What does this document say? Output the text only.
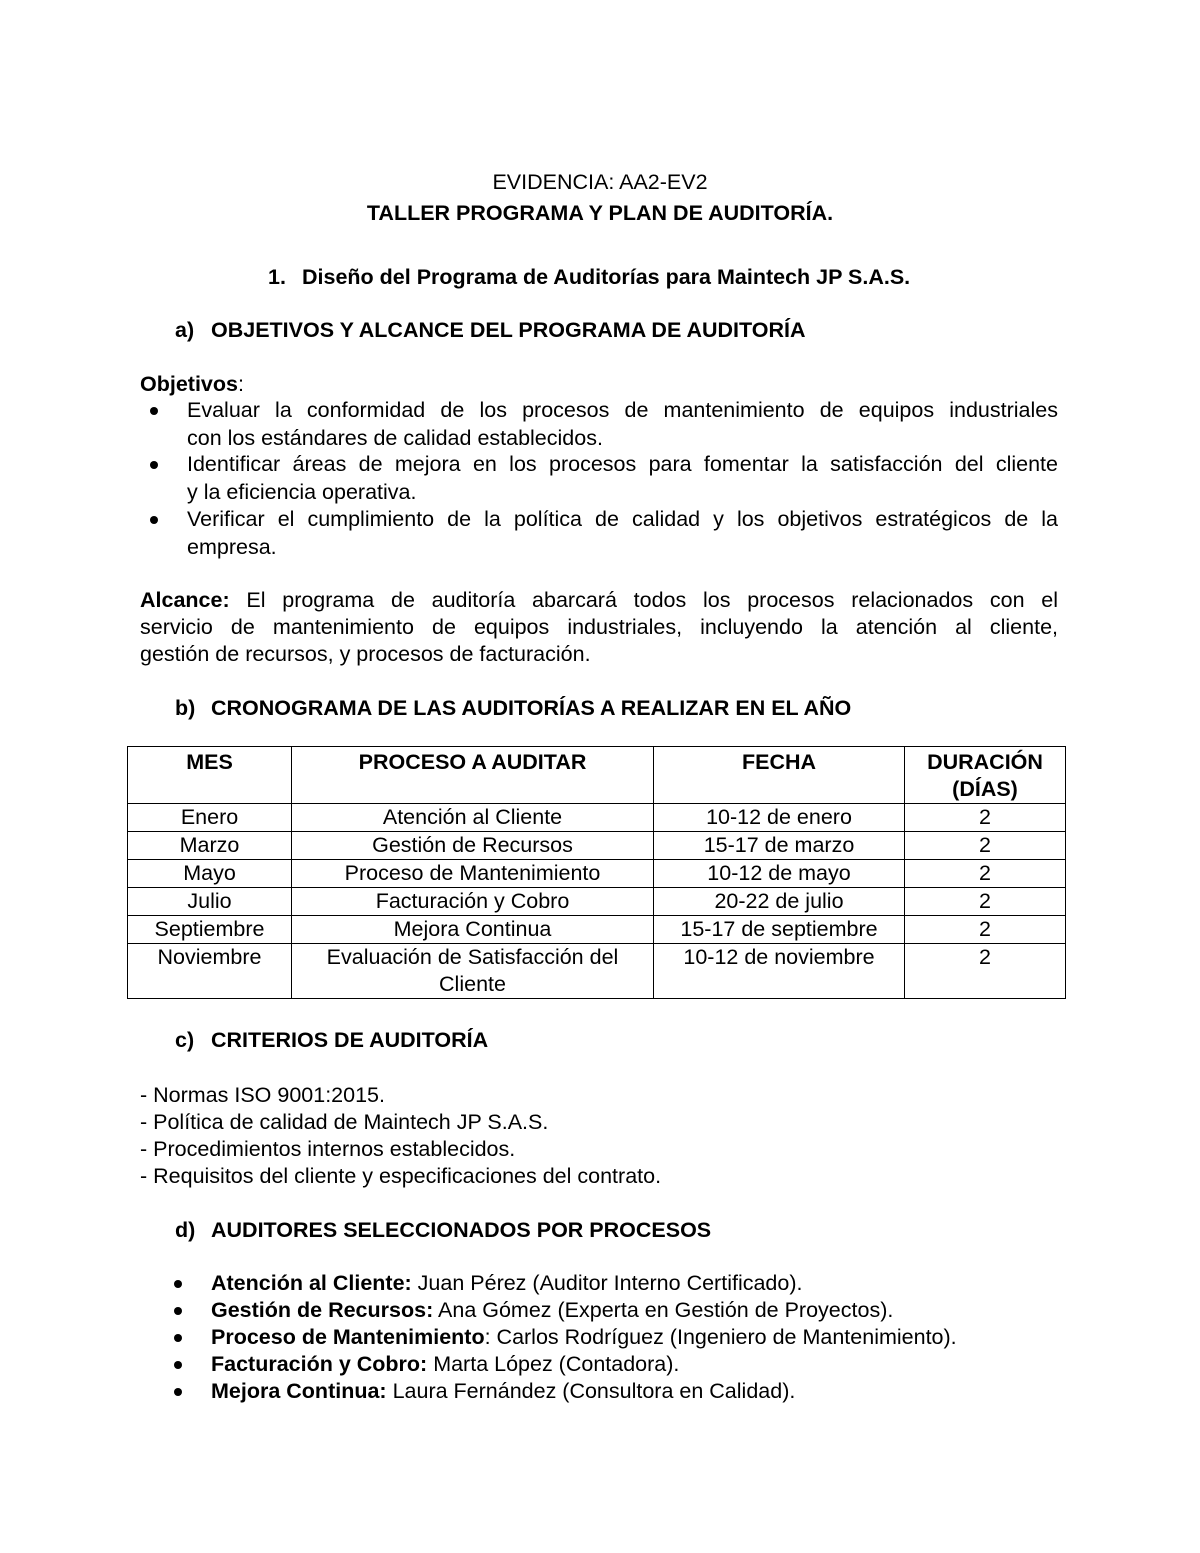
EVIDENCIA: AA2-EV2
TALLER PROGRAMA Y PLAN DE AUDITORÍA.
1. Diseño del Programa de Auditorías para Maintech JP S.A.S.
a) OBJETIVOS Y ALCANCE DEL PROGRAMA DE AUDITORÍA
Objetivos:
Evaluar la conformidad de los procesos de mantenimiento de equipos industriales
con los estándares de calidad establecidos.
Identificar áreas de mejora en los procesos para fomentar la satisfacción del cliente
y la eficiencia operativa.
Verificar el cumplimiento de la política de calidad y los objetivos estratégicos de la
empresa.
Alcance: El programa de auditoría abarcará todos los procesos relacionados con el
servicio de mantenimiento de equipos industriales, incluyendo la atención al cliente,
gestión de recursos, y procesos de facturación.
b) CRONOGRAMA DE LAS AUDITORÍAS A REALIZAR EN EL AÑO
MES	PROCESO A AUDITAR	FECHA	DURACIÓN
(DÍAS)
Enero	Atención al Cliente	10-12 de enero	2
Marzo	Gestión de Recursos	15-17 de marzo	2
Mayo	Proceso de Mantenimiento	10-12 de mayo	2
Julio	Facturación y Cobro	20-22 de julio	2
Septiembre	Mejora Continua	15-17 de septiembre	2
Noviembre	Evaluación de Satisfacción del
Cliente	10-12 de noviembre	2
c) CRITERIOS DE AUDITORÍA
- Normas ISO 9001:2015.
- Política de calidad de Maintech JP S.A.S.
- Procedimientos internos establecidos.
- Requisitos del cliente y especificaciones del contrato.
d) AUDITORES SELECCIONADOS POR PROCESOS
Atención al Cliente: Juan Pérez (Auditor Interno Certificado).
Gestión de Recursos: Ana Gómez (Experta en Gestión de Proyectos).
Proceso de Mantenimiento: Carlos Rodríguez (Ingeniero de Mantenimiento).
Facturación y Cobro: Marta López (Contadora).
Mejora Continua: Laura Fernández (Consultora en Calidad).
